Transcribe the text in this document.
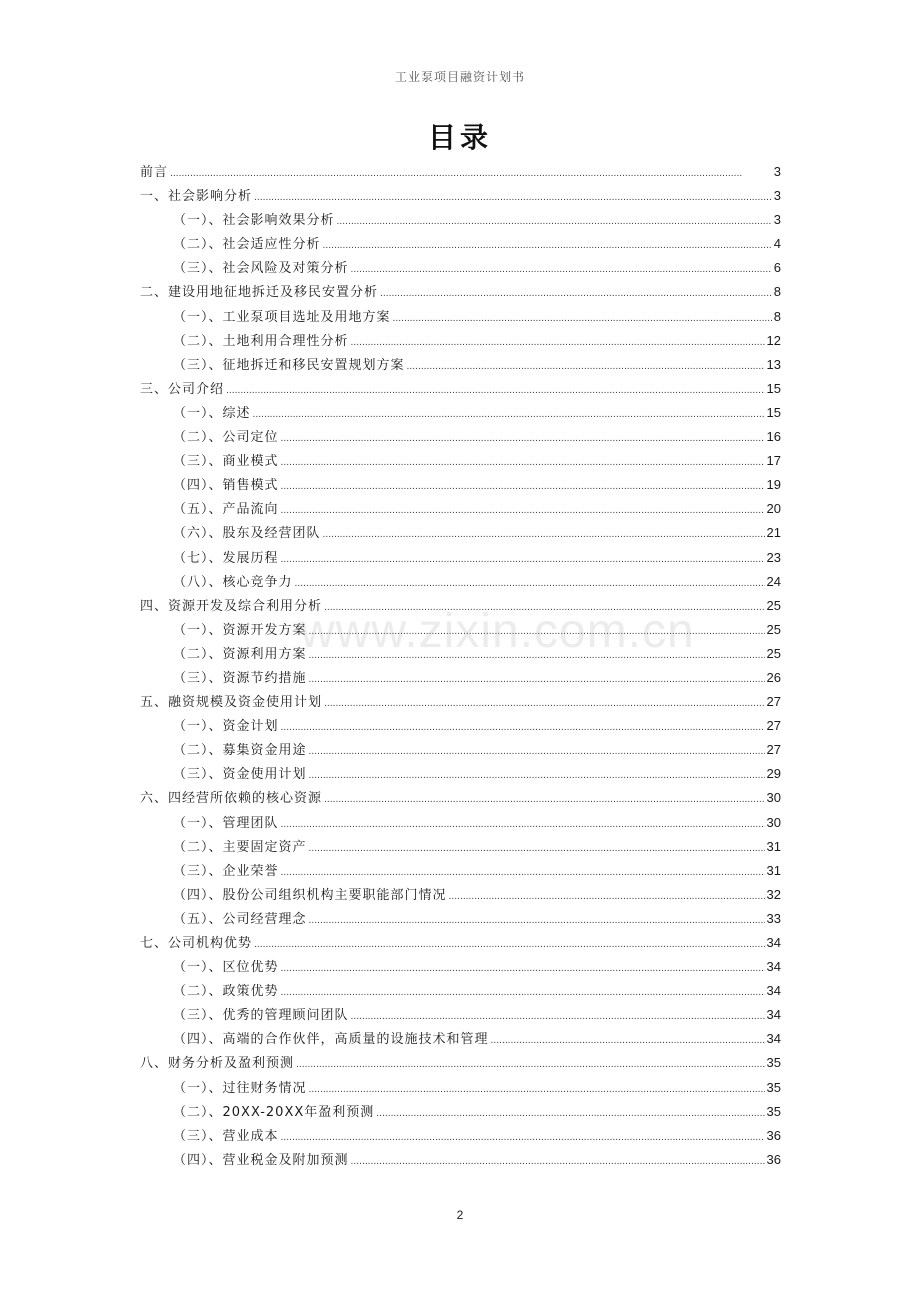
工业泵项目融资计划书
目录
前言 .....	3
一、社会影响分析 .....	3
（一）、社会影响效果分析 .....	3
（二）、社会适应性分析 .....	4
（三）、社会风险及对策分析 .....	6
二、建设用地征地拆迁及移民安置分析 .....	8
（一）、工业泵项目选址及用地方案 .....	8
（二）、土地利用合理性分析 .....	12
（三）、征地拆迁和移民安置规划方案 .....	13
三、公司介绍 .....	15
（一）、综述 .....	15
（二）、公司定位 .....	16
（三）、商业模式 .....	17
（四）、销售模式 .....	19
（五）、产品流向 .....	20
（六）、股东及经营团队 .....	21
（七）、发展历程 .....	23
（八）、核心竞争力 .....	24
四、资源开发及综合利用分析 .....	25
（一）、资源开发方案 .....	25
（二）、资源利用方案 .....	25
（三）、资源节约措施 .....	26
五、融资规模及资金使用计划 .....	27
（一）、资金计划 .....	27
（二）、募集资金用途 .....	27
（三）、资金使用计划 .....	29
六、四经营所依赖的核心资源 .....	30
（一）、管理团队 .....	30
（二）、主要固定资产 .....	31
（三）、企业荣誉 .....	31
（四）、股份公司组织机构主要职能部门情况 .....	32
（五）、公司经营理念 .....	33
七、公司机构优势 .....	34
（一）、区位优势 .....	34
（二）、政策优势 .....	34
（三）、优秀的管理顾问团队 .....	34
（四）、高端的合作伙伴，高质量的设施技术和管理 .....	34
八、财务分析及盈利预测 .....	35
（一）、过往财务情况 .....	35
（二）、20XX-20XX年盈利预测 .....	35
（三）、营业成本 .....	36
（四）、营业税金及附加预测 .....	36
www.zixin.com.cn
2
